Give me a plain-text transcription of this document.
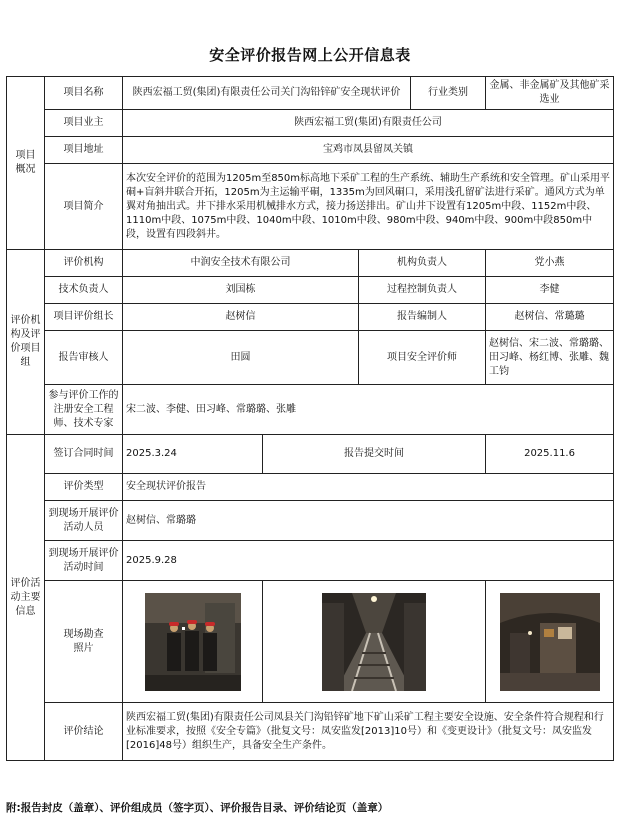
安全评价报告网上公开信息表
项目
概况	项目名称	陕西宏福工贸(集团)有限责任公司关门沟铅锌矿安全现状评价			行业类别	金属、非金属矿及其他矿采选业
	项目业主	陕西宏福工贸(集团)有限责任公司				
	项目地址	宝鸡市凤县留凤关镇				
	项目简介	本次安全评价的范围为1205m至850m标高地下采矿工程的生产系统、辅助生产系统和安全管理。矿山采用平硐+盲斜井联合开拓，1205m为主运输平硐，1335m为回风硐口，采用浅孔留矿法进行采矿。通风方式为单翼对角抽出式。井下排水采用机械排水方式，接力扬送排出。矿山井下设置有1205m中段、1152m中段、1110m中段、1075m中段、1040m中段、1010m中段、980m中段、940m中段、900m中段850m中段，设置有四段斜井。				
评价机
构及评
价项目
组	评价机构	中润安全技术有限公司		机构负责人		党小燕
	技术负责人	刘国栋		过程控制负责人		李健
	项目评价组长	赵树信		报告编制人		赵树信、常璐璐
	报告审核人	田圆		项目安全评价师		赵树信、宋二波、常璐璐、田习峰、杨红博、张雕、魏工钧
	参与评价工作的注册安全工程师、技术专家	宋二波、李健、田习峰、常璐璐、张雕				
评价活
动主要
信息	签订合同时间	2025.3.24	报告提交时间			2025.11.6
	评价类型	安全现状评价报告				
	到现场开展评价活动人员	赵树信、常璐璐				
	到现场开展评价活动时间	2025.9.28				
	现场勘查照片	

	评价结论	陕西宏福工贸(集团)有限责任公司凤县关门沟铅锌矿地下矿山采矿工程主要安全设施、安全条件符合规程和行业标准要求，按照《安全专篇》（批复文号：凤安监发[2013]10号）和《变更设计》（批复文号：凤安监发[2016]48号）组织生产，具备安全生产条件。				
附:报告封皮（盖章）、评价组成员（签字页）、评价报告目录、评价结论页（盖章）
